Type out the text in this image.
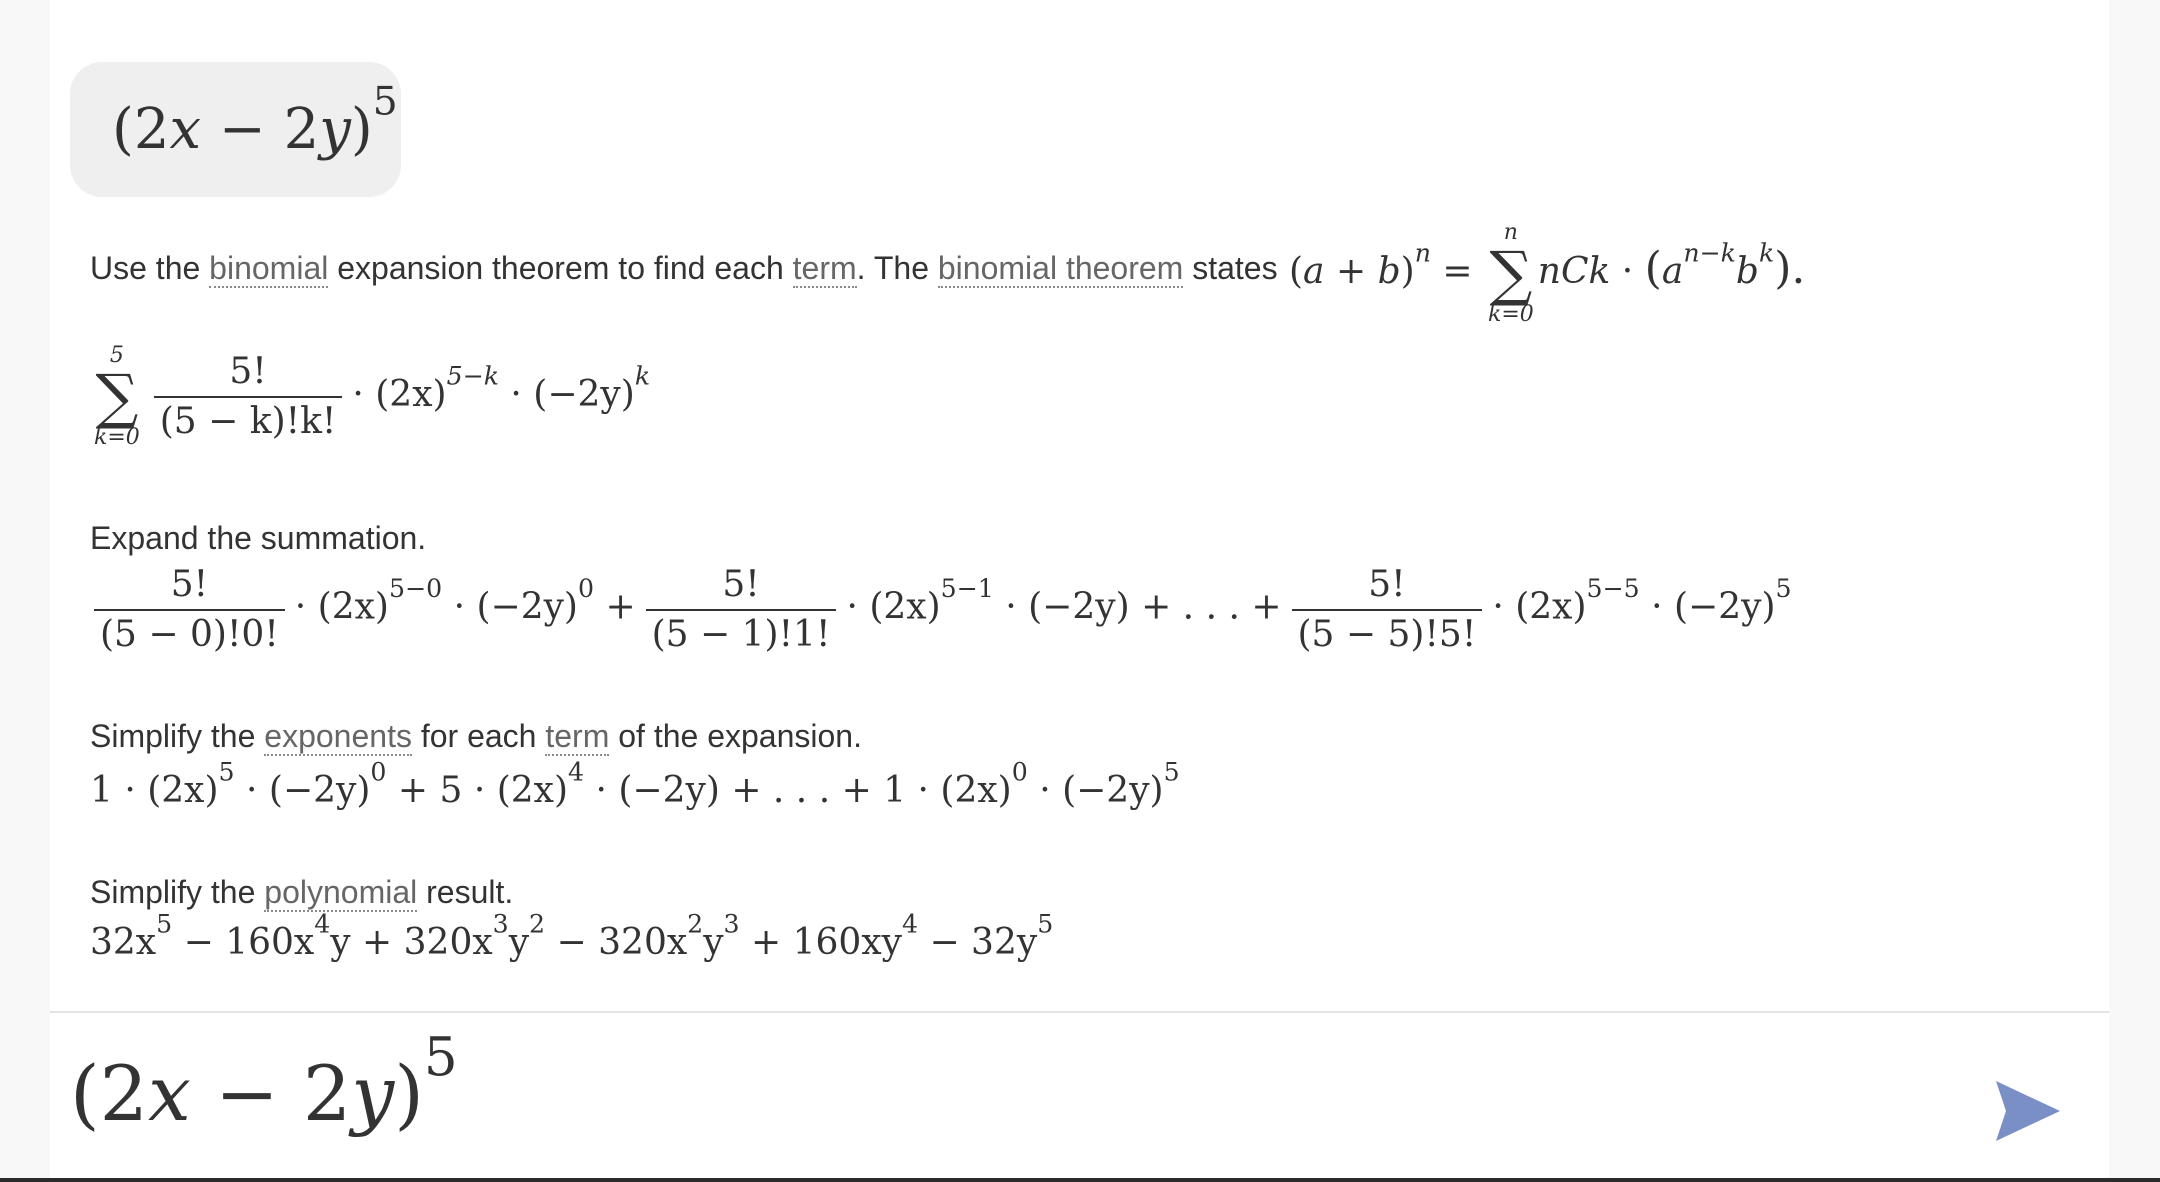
$(2x - 2y)^5$
Use the binomial expansion theorem to find each term. The binomial theorem states $(a + b)^n$ =
n
∑
k=0
nCk · $(a^{n-k}b^k)$.
5
∑
$k=0 \frac{5!}{(5 - k)!k!} \cdot (2x)^{5-k} \cdot (-2y)^k$
Expand the summation.
$\frac{5!}{(5 - 0)!0!} \cdot (2x)^{5-0} \cdot (-2y)^0 + \frac{5!}{(5 - 1)!1!} \cdot (2x)^{5-1} \cdot (-2y)$ + . . . + $\frac{5!}{(5 - 5)!5!} \cdot (2x)^{5-5} \cdot (-2y)^5$
Simplify the exponents for each term of the expansion.
$1 \cdot (2x)^5 \cdot (-2y)^0 + 5 \cdot (2x)^4 \cdot (-2y)$ + . . . + $1 \cdot (2x)^0 \cdot (-2y)^5$
Simplify the polynomial result.
$32x^5 - 160x^4y + 320x^3y^2 - 320x^2y^3 + 160xy^4 - 32y^5$
$(2x - 2y)^5$
